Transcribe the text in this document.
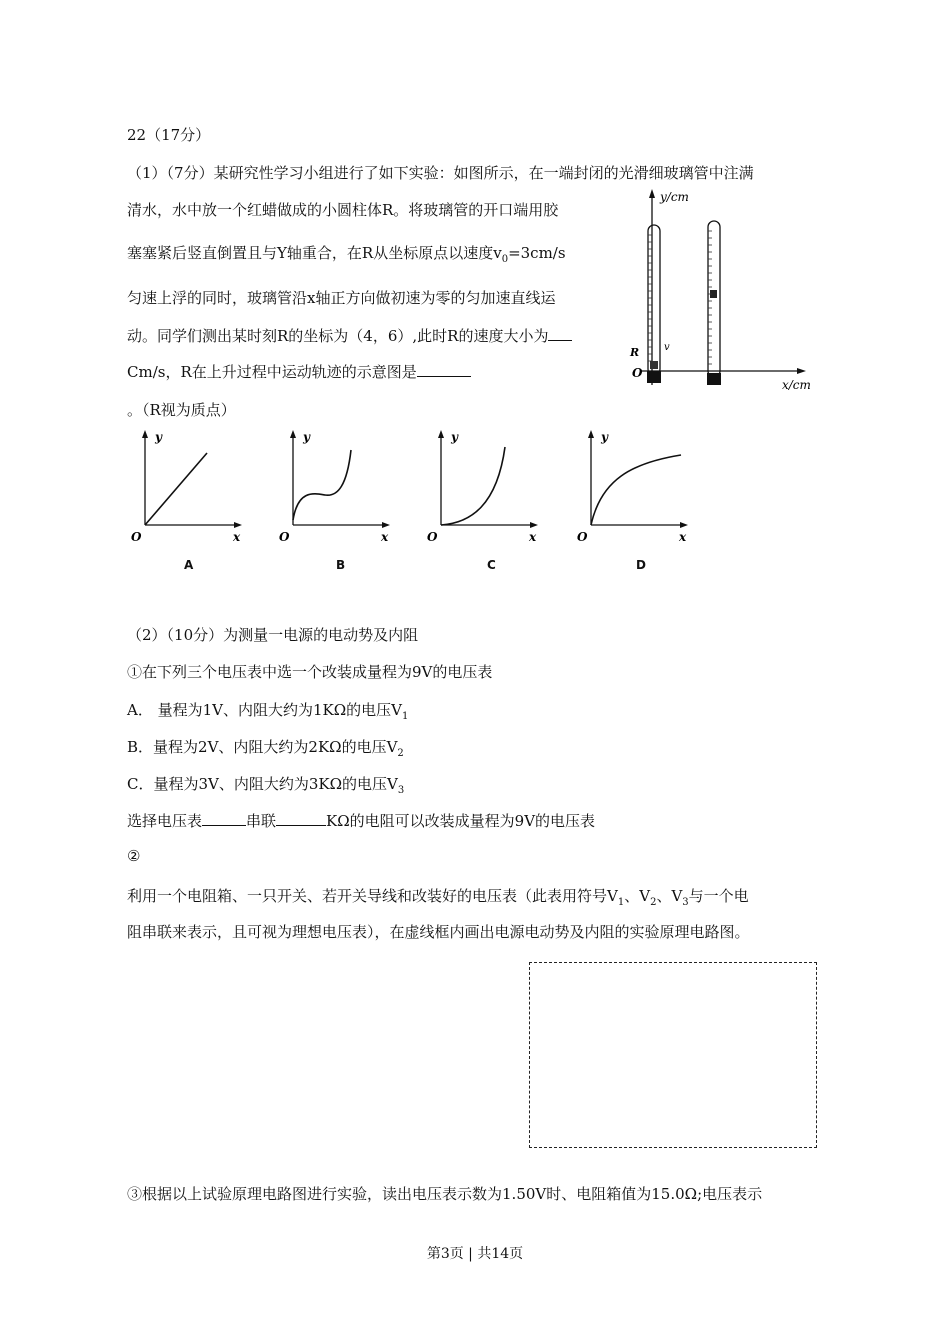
22（17分）
（1）（7分）某研究性学习小组进行了如下实验：如图所示，在一端封闭的光滑细玻璃管中注满
清水，水中放一个红蜡做成的小圆柱体R。将玻璃管的开口端用胶
塞塞紧后竖直倒置且与Y轴重合，在R从坐标原点以速度$v_0=3cm/s$
匀速上浮的同时，玻璃管沿x轴正方向做初速为零的匀加速直线运
动。同学们测出某时刻R的坐标为（4，6）,此时R的速度大小为
Cm/s，R在上升过程中运动轨迹的示意图是
。（R视为质点）
y/cm
x/cm
O
R v
y
x
O
y
x
O
y
x
O
y
x
O
A	B	C	D
（2）（10分）为测量一电源的电动势及内阻
①在下列三个电压表中选一个改装成量程为9V的电压表
A． 量程为1V、内阻大约为1KΩ的电压$V_1$
B．量程为2V、内阻大约为2KΩ的电压$V_2$
C．量程为3V、内阻大约为3KΩ的电压$V_3$
选择电压表	串联	KΩ的电阻可以改装成量程为9V的电压表
②
利用一个电阻箱、一只开关、若开关导线和改装好的电压表（此表用符号$V_1$、$V_2$、$V_3$与一个电
阻串联来表示，且可视为理想电压表），在虚线框内画出电源电动势及内阻的实验原理电路图。
③根据以上试验原理电路图进行实验，读出电压表示数为1.50V时、电阻箱值为15.0Ω;电压表示
第3页 | 共14页
